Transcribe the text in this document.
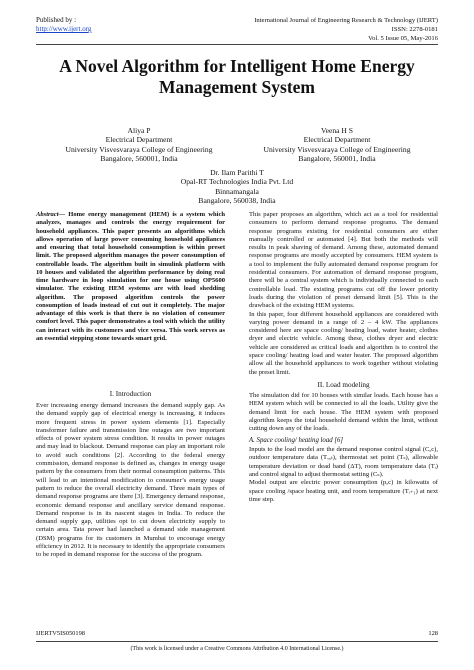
Published by :
http://www.ijert.org
International Journal of Engineering Research & Technology (IJERT)
ISSN: 2278-0181
Vol. 5 Issue 05, May-2016
A Novel Algorithm for Intelligent Home Energy Management System
Aliya P
Electrical Department
University Visvesvaraya College of Engineering
Bangalore, 560001, India
Veena H S
Electrical Department
University Visvesvaraya College of Engineering
Bangalore, 560001, India
Dr. Ilam Parithi T
Opal-RT Technologies India Pvt. Ltd
Binnamangala
Bangalore, 560038, India

Abstract— Home energy management (HEM) is a system which analyzes, manages and controls the energy requirement for household appliances. This paper presents an algorithms which allows operation of large power consuming household appliances and ensuring that total household consumption is within preset limit. The proposed algorithm manages the power consumption of controllable loads. The algorithm built in simulink platform with 10 houses and validated the algorithm performance by doing real time hardware in loop simulation for one house using OP5600 simulator. The existing HEM systems are with load shedding algorithm. The proposed algorithm controls the power consumption of loads instead of cut out it completely. The major advantage of this work is that there is no violation of consumer comfort level. This paper demonstrates a tool with which the utility can interact with its customers and vice versa. This work serves as an essential stepping stone towards smart grid.

I. Introduction

Ever increasing energy demand increases the demand supply gap. As the demand supply gap of electrical energy is increasing, it induces more frequent stress in power system elements [1]. Especially transformer failure and transmission line outages are two important effects of power system stress condition. It results in power outages and may lead to blackout. Demand response can play an important role to avoid such conditions [2]. According to the federal energy commission, demand response is defined as, changes in energy usage pattern by the consumers from their normal consumption patterns. This will lead to an intentional modification to consumer’s energy usage pattern to reduce the overall electricity demand. Three main types of demand response programs are there [3]. Emergency demand response, economic demand response and ancillary service demand response. Demand response is in its nascent stages in India. To reduce the demand supply gap, utilities opt to cut down electricity supply to certain area. Tata power had launched a demand side management (DSM) programs for its customers in Mumbai to encourage energy efficiency in 2012. It is necessary to identify the appropriate consumers to be roped in demand response for the success of the program.

This paper proposes an algorithm, which act as a tool for residential consumers to perform demand response programs. The demand response programs existing for residential consumers are either manually controlled or automated [4]. But both the methods will results in peak shaving of demand. Among these, automated demand response programs are mostly accepted by consumers. HEM system is a tool to implement the fully automated demand response program for residential consumers. For automation of demand response program, there will be a central system which is individually connected to each controllable load. The existing programs cut off the lower priority loads during the violation of preset demand limit [5]. This is the drawback of the existing HEM systems.

In this paper, four different household appliances are considered with varying power demand in a range of 2 – 4 kW. The appliances considered here are space cooling/ heating load, water heater, clothes dryer and electric vehicle. Among these, clothes dryer and electric vehicle are considered as critical loads and algorithm is to control the space cooling/ heating load and water heater. The proposed algorithm allow all the household appliances to work together without violating the preset limit.

II. Load modeling

The simulation did for 10 houses with similar loads. Each house has a HEM system which will be connected to all the loads. Utility give the demand limit for each house. The HEM system with proposed algorithm keeps the total household demand within the limit, without cutting down any of the loads.

A. Space cooling/ heating load [6]

Inputs to the load model are the demand response control signal (Cₐc), outdoor temperature data (Tₒᵤₜ), thermostat set point (Tₛ), allowable temperature deviation or dead band (ΔT), room temperature data (Tᵢ) and control signal to adjust thermostat setting (Cₛ).

Model output are electric power consumption (pₐc) in kilowatts of space cooling /space heating unit, and room temperature (Tᵢ₊₁) at next time step.

IJERTV5IS050198	128
(This work is licensed under a Creative Commons Attribution 4.0 International License.)
